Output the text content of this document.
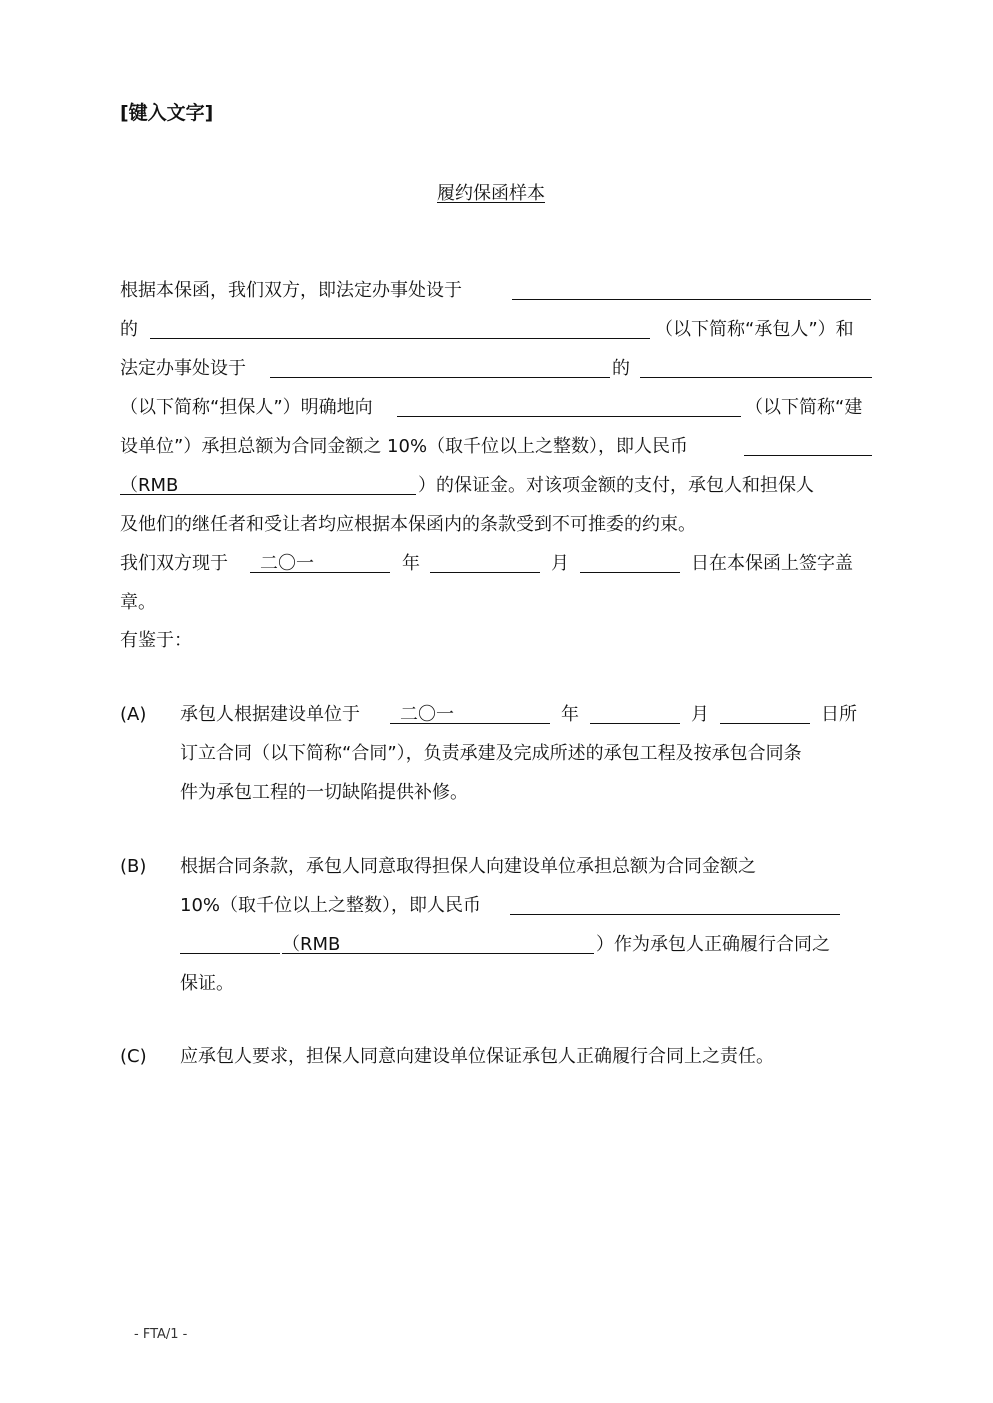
[键入文字]
履约保函样本
根据本保函，我们双方，即法定办事处设于
的	（以下简称“承包人”）和
法定办事处设于	的
（以下简称“担保人”）明确地向	（以下简称“建
设单位”）承担总额为合同金额之 10%（取千位以上之整数），即人民币
（RMB	）的保证金。对该项金额的支付，承包人和担保人
及他们的继任者和受让者均应根据本保函内的条款受到不可推委的约束。
我们双方现于 二〇一	年	月	日在本保函上签字盖
章。
有鉴于：
(A) 承包人根据建设单位于 二〇一	年	月	日所
订立合同（以下简称“合同”），负责承建及完成所述的承包工程及按承包合同条
件为承包工程的一切缺陷提供补修。
(B) 根据合同条款，承包人同意取得担保人向建设单位承担总额为合同金额之
10%（取千位以上之整数），即人民币
（RMB	）作为承包人正确履行合同之
保证。
(C) 应承包人要求，担保人同意向建设单位保证承包人正确履行合同上之责任。
- FTA/1 -
